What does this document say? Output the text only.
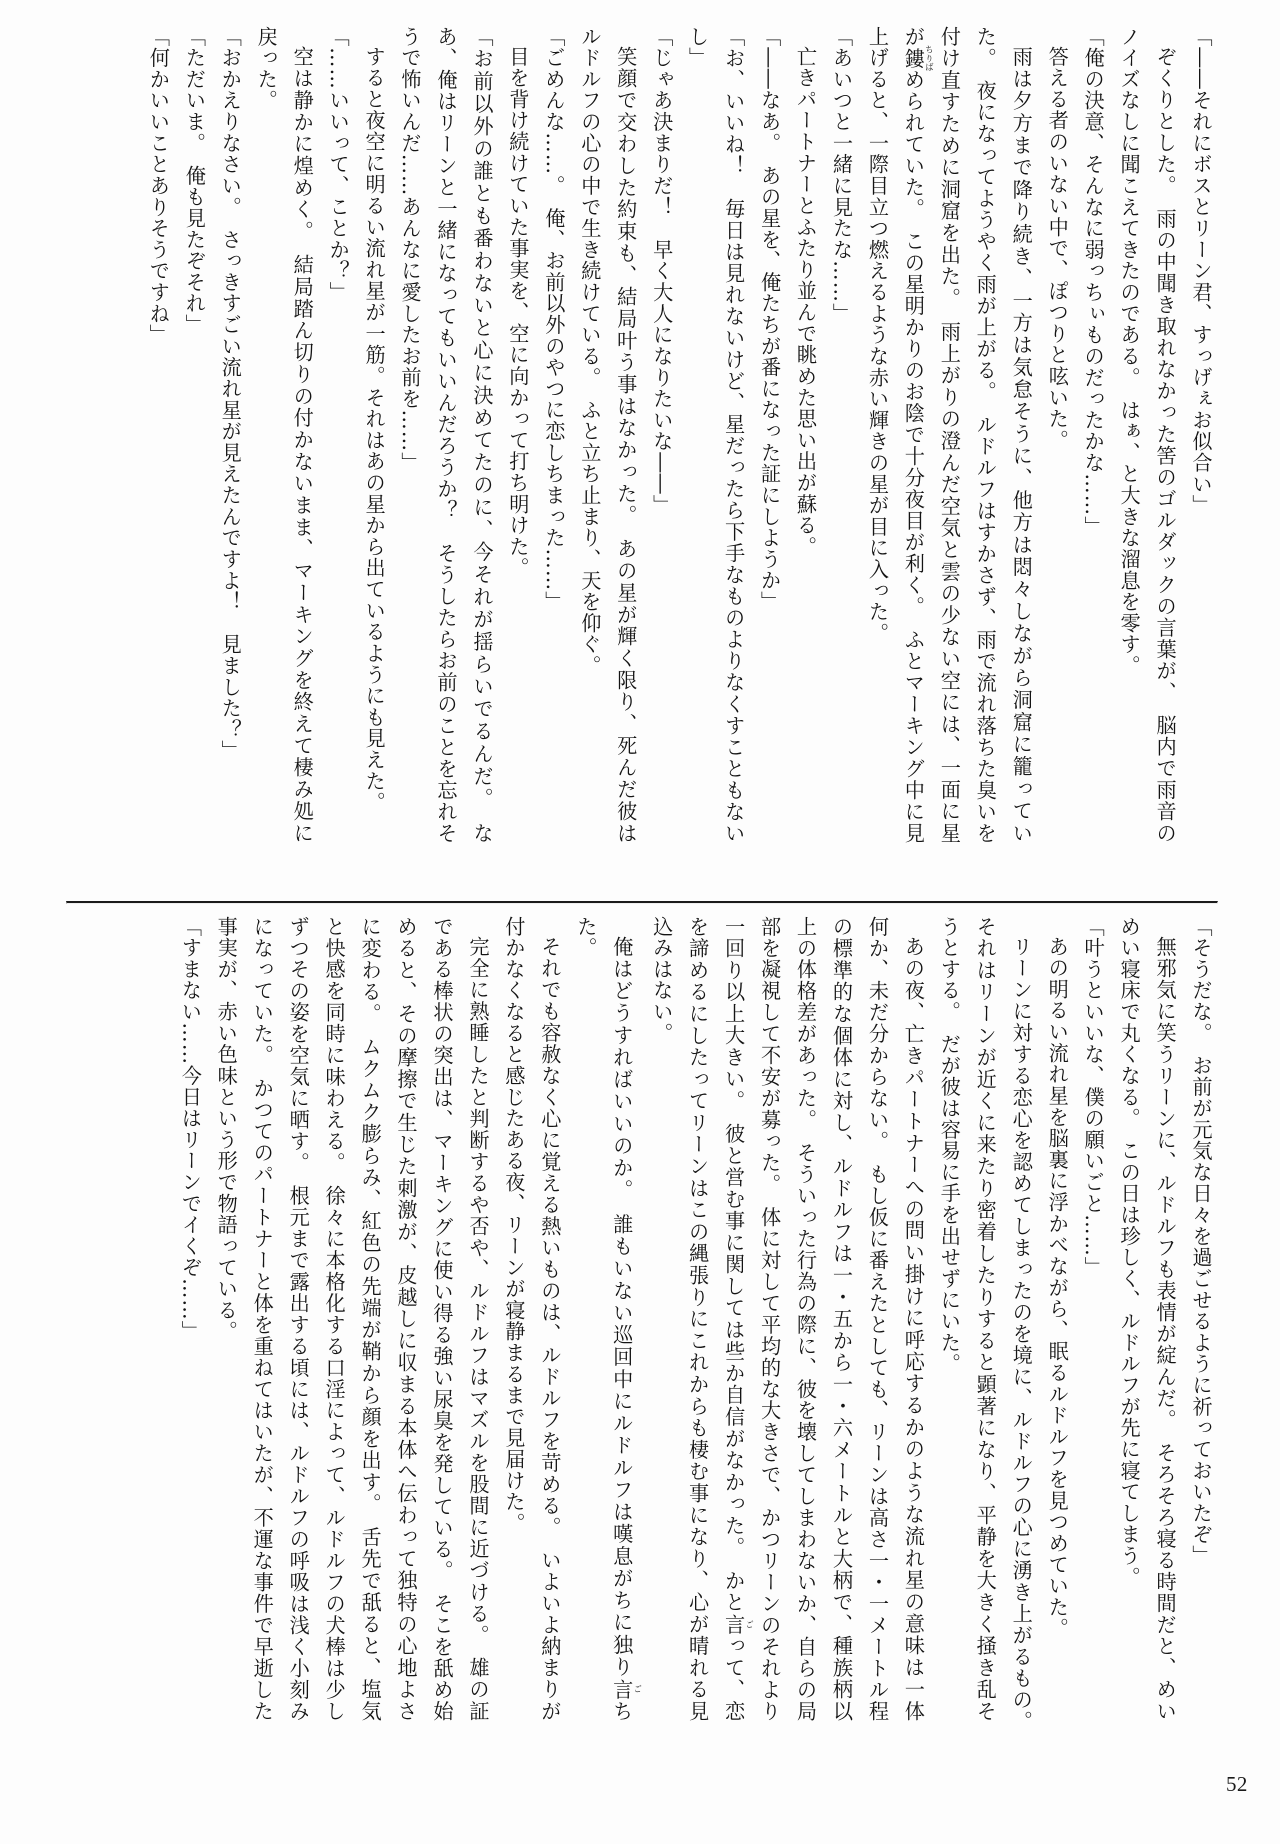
「――それにボスとリーン君、すっげぇお似合い」

ぞくりとした。　雨の中聞き取れなかった筈のゴルダックの言葉が、　脳内で雨音のノイズなしに聞こえてきたのである。　はぁ、と大きな溜息を零す。

「俺の決意、そんなに弱っちぃものだったかな……」

答える者のいない中で、ぽつりと呟いた。

雨は夕方まで降り続き、一方は気怠そうに、他方は悶々しながら洞窟に籠っていた。　夜になってようやく雨が上がる。　ルドルフはすかさず、雨で流れ落ちた臭いを付け直すために洞窟を出た。　雨上がりの澄んだ空気と雲の少ない空には、一面に星が鏤 ちりばめられていた。　この星明かりのお陰で十分夜目が利く。　ふとマーキング中に見上げると、一際目立つ燃えるような赤い輝きの星が目に入った。

「あいつと一緒に見たな……」

亡きパートナーとふたり並んで眺めた思い出が蘇る。

「――なあ。　あの星を、俺たちが番になった証にしようか」

「お、いいね！　毎日は見れないけど、星だったら下手なものよりなくすこともないし」

「じゃあ決まりだ！　早く大人になりたいな――」

笑顔で交わした約束も、結局叶う事はなかった。　あの星が輝く限り、死んだ彼はルドルフの心の中で生き続けている。　ふと立ち止まり、天を仰ぐ。

「ごめんな……。　俺、お前以外のやつに恋しちまった……」

目を背け続けていた事実を、空に向かって打ち明けた。

「お前以外の誰とも番わないと心に決めてたのに、今それが揺らいでるんだ。　なあ、俺はリーンと一緒になってもいいんだろうか？　そうしたらお前のことを忘れそうで怖いんだ……あんなに愛したお前を……」

すると夜空に明るい流れ星が一筋。それはあの星から出ているようにも見えた。

「……いいって、ことか？」

空は静かに煌めく。　結局踏ん切りの付かないまま、マーキングを終えて棲み処に戻った。

「おかえりなさい。　さっきすごい流れ星が見えたんですよ！　見ました？」

「ただいま。　俺も見たぞそれ」

「何かいいことありそうですね」

「そうだな。　お前が元気な日々を過ごせるように祈っておいたぞ」

無邪気に笑うリーンに、ルドルフも表情が綻んだ。　そろそろ寝る時間だと、めいめい寝床で丸くなる。　この日は珍しく、ルドルフが先に寝てしまう。

「叶うといいな、僕の願いごと……」

あの明るい流れ星を脳裏に浮かべながら、眠るルドルフを見つめていた。

リーンに対する恋心を認めてしまったのを境に、ルドルフの心に湧き上がるもの。　それはリーンが近くに来たり密着したりすると顕著になり、平静を大きく掻き乱そうとする。　だが彼は容易に手を出せずにいた。

あの夜、亡きパートナーへの問い掛けに呼応するかのような流れ星の意味は一体何か、未だ分からない。　もし仮に番えたとしても、リーンは高さ一・一メートル程の標準的な個体に対し、ルドルフは一・五から一・六メートルと大柄で、種族柄以上の体格差があった。　そういった行為の際に、彼を壊してしまわないか、自らの局部を凝視して不安が募った。　体に対して平均的な大きさで、かつリーンのそれより一回り以上大きい。　彼と営む事に関しては些か自信がなかった。　かと言 ごって、恋を諦めるにしたってリーンはこの縄張りにこれからも棲む事になり、心が晴れる見込みはない。

俺はどうすればいいのか。　誰もいない巡回中にルドルフは嘆息がちに独り言 ごちた。

それでも容赦なく心に覚える熱いものは、ルドルフを苛める。　いよいよ納まりが付かなくなると感じたある夜、リーンが寝静まるまで見届けた。

完全に熟睡したと判断するや否や、ルドルフはマズルを股間に近づける。　雄の証である棒状の突出は、マーキングに使い得る強い尿臭を発している。　そこを舐め始めると、その摩擦で生じた刺激が、皮越しに収まる本体へ伝わって独特の心地よさに変わる。　ムクムク膨らみ、紅色の先端が鞘から顔を出す。　舌先で舐ると、塩気と快感を同時に味わえる。　徐々に本格化する口淫によって、ルドルフの犬棒は少しずつその姿を空気に晒す。　根元まで露出する頃には、ルドルフの呼吸は浅く小刻みになっていた。　かつてのパートナーと体を重ねてはいたが、不運な事件で早逝した事実が、赤い色味という形で物語っている。

「すまない……今日はリーンでイくぞ……」

52
